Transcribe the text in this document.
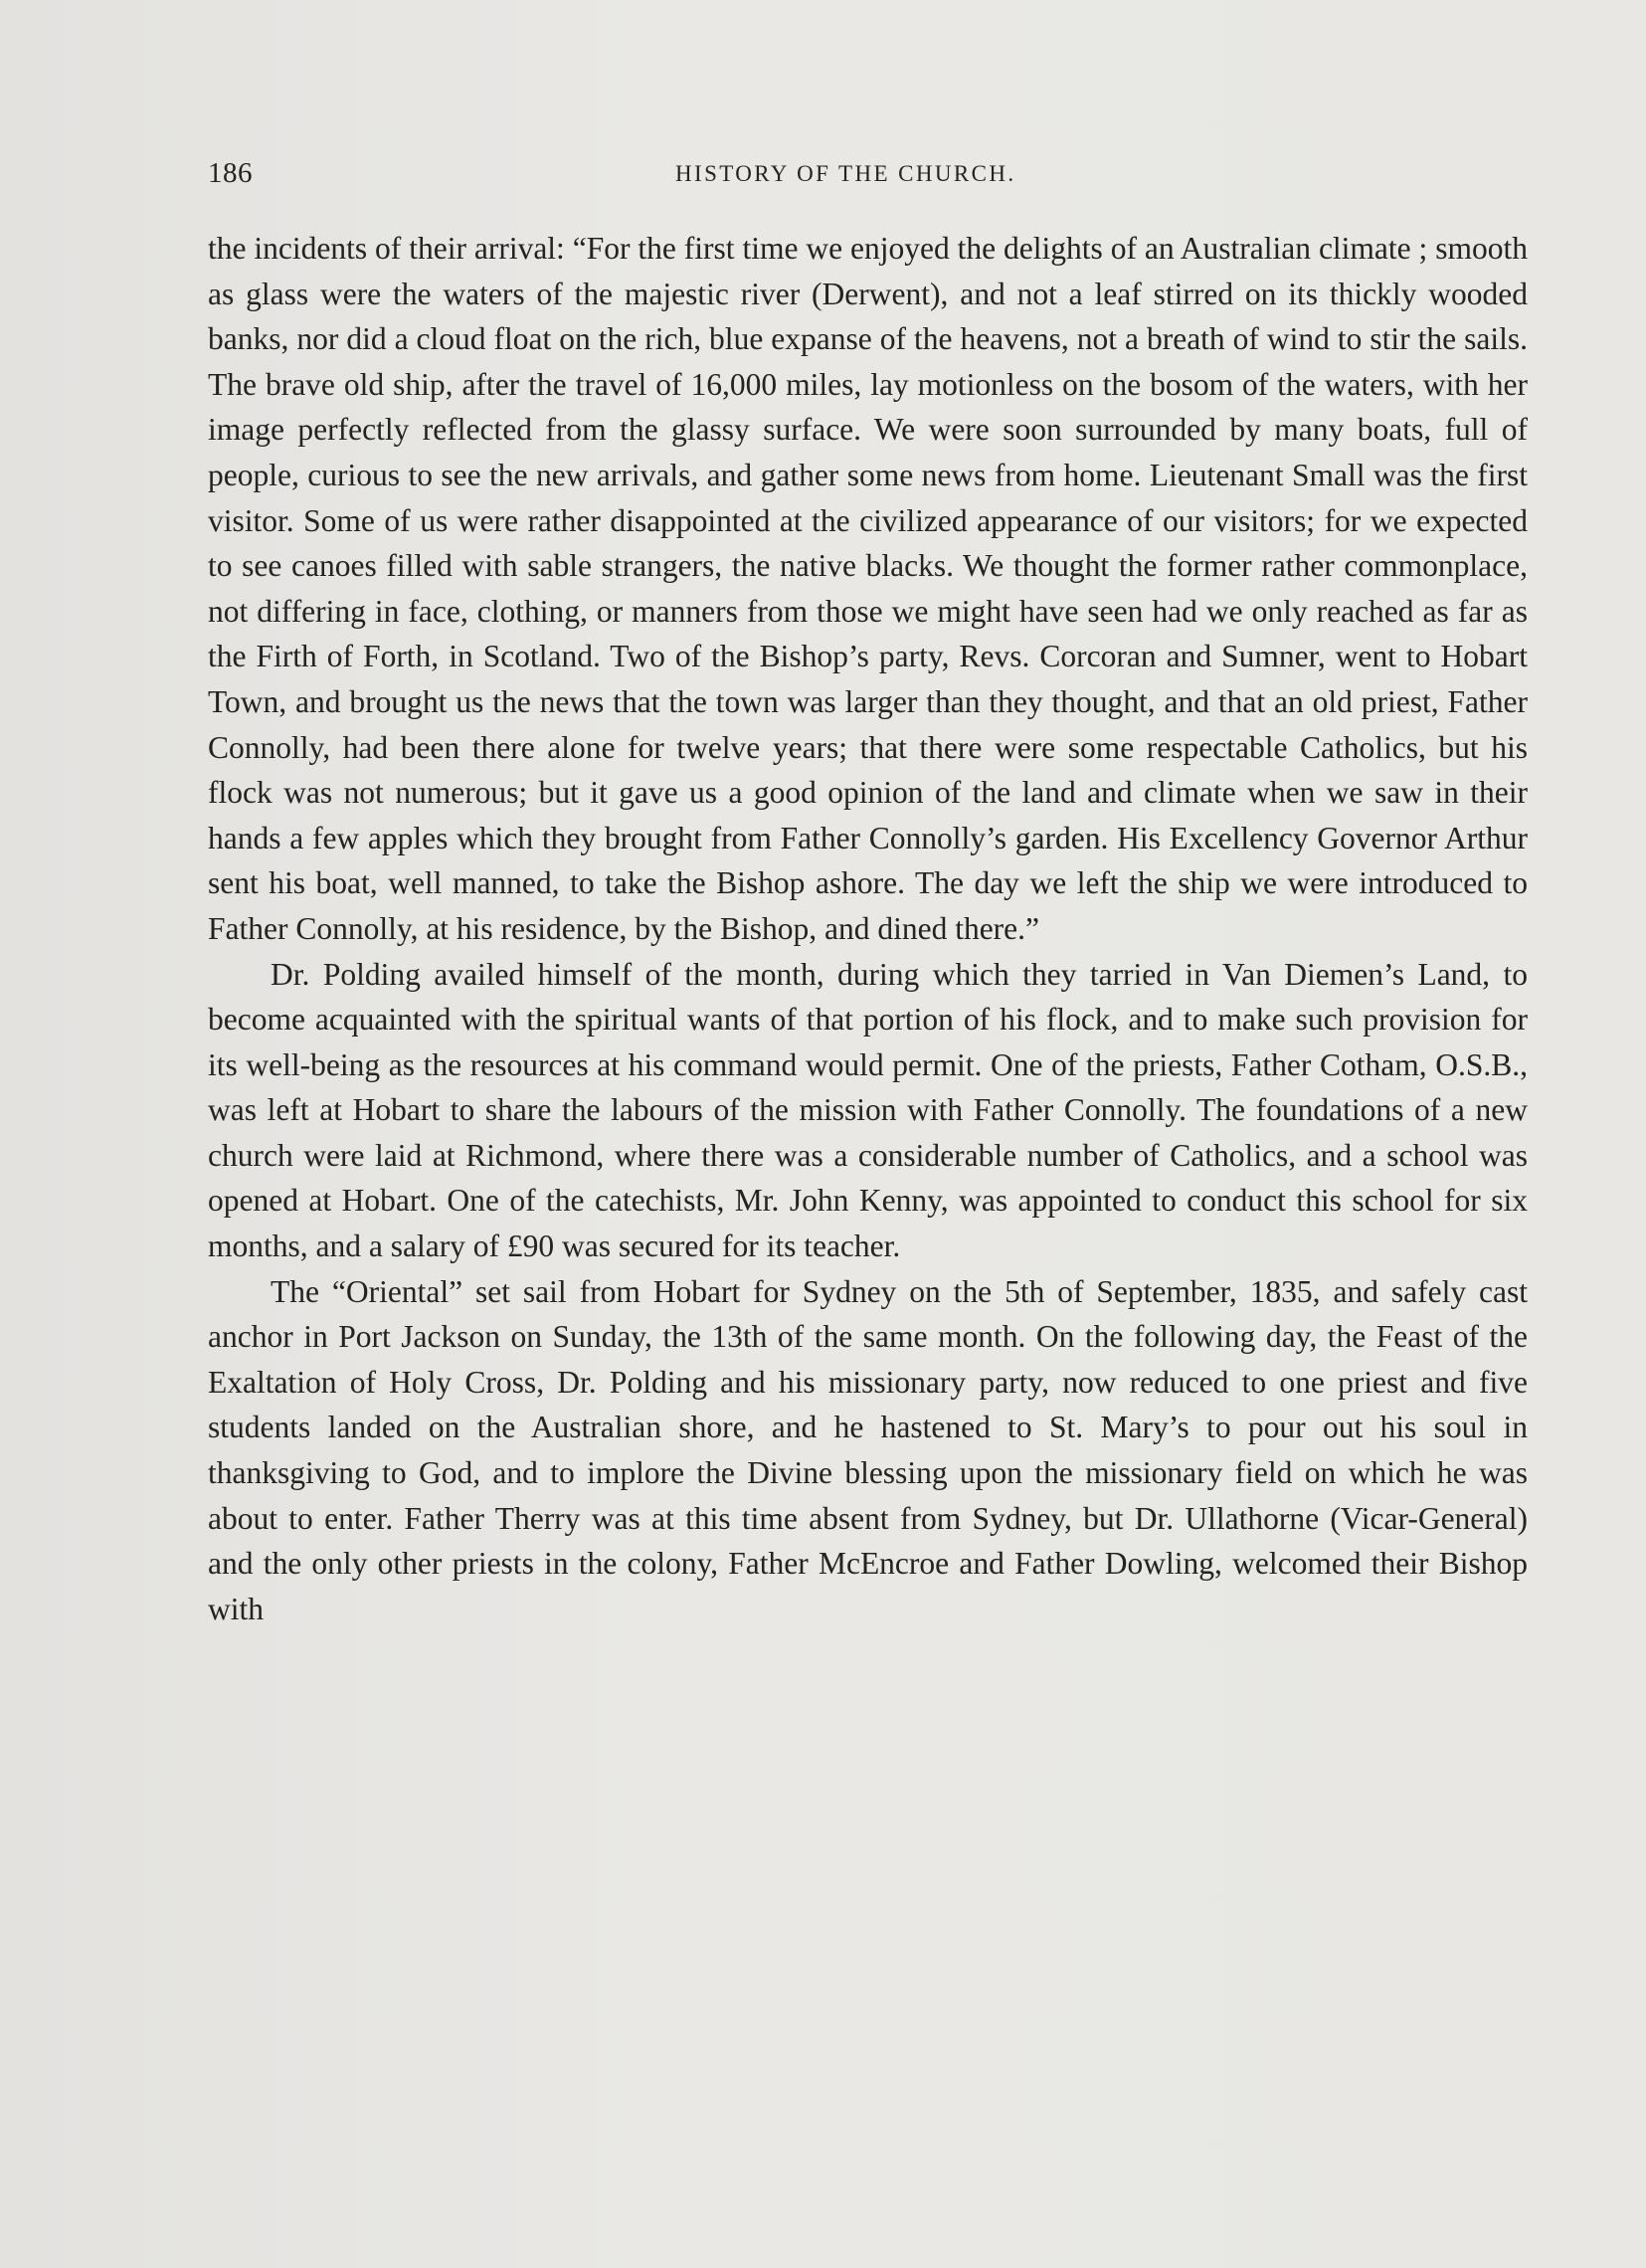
186	HISTORY OF THE CHURCH.

the incidents of their arrival: “For the first time we enjoyed the delights of an Australian climate ; smooth as glass were the waters of the majestic river (Derwent), and not a leaf stirred on its thickly wooded banks, nor did a cloud float on the rich, blue expanse of the heavens, not a breath of wind to stir the sails. The brave old ship, after the travel of 16,000 miles, lay motionless on the bosom of the waters, with her image perfectly reflected from the glassy surface. We were soon surrounded by many boats, full of people, curious to see the new arrivals, and gather some news from home. Lieutenant Small was the first visitor. Some of us were rather disappointed at the civilized appearance of our visitors; for we expected to see canoes filled with sable strangers, the native blacks. We thought the former rather commonplace, not differing in face, clothing, or manners from those we might have seen had we only reached as far as the Firth of Forth, in Scotland. Two of the Bishop’s party, Revs. Corcoran and Sumner, went to Hobart Town, and brought us the news that the town was larger than they thought, and that an old priest, Father Connolly, had been there alone for twelve years; that there were some respectable Catholics, but his flock was not numerous; but it gave us a good opinion of the land and climate when we saw in their hands a few apples which they brought from Father Connolly’s garden. His Excellency Governor Arthur sent his boat, well manned, to take the Bishop ashore. The day we left the ship we were introduced to Father Connolly, at his residence, by the Bishop, and dined there.”

Dr. Polding availed himself of the month, during which they tarried in Van Diemen’s Land, to become acquainted with the spiritual wants of that portion of his flock, and to make such provision for its well-being as the resources at his command would permit. One of the priests, Father Cotham, O.S.B., was left at Hobart to share the labours of the mission with Father Connolly. The foundations of a new church were laid at Richmond, where there was a considerable number of Catholics, and a school was opened at Hobart. One of the catechists, Mr. John Kenny, was appointed to conduct this school for six months, and a salary of £90 was secured for its teacher.

The “Oriental” set sail from Hobart for Sydney on the 5th of September, 1835, and safely cast anchor in Port Jackson on Sunday, the 13th of the same month. On the following day, the Feast of the Exaltation of Holy Cross, Dr. Polding and his missionary party, now reduced to one priest and five students landed on the Australian shore, and he hastened to St. Mary’s to pour out his soul in thanksgiving to God, and to implore the Divine blessing upon the missionary field on which he was about to enter. Father Therry was at this time absent from Sydney, but Dr. Ullathorne (Vicar-General) and the only other priests in the colony, Father McEncroe and Father Dowling, welcomed their Bishop with
